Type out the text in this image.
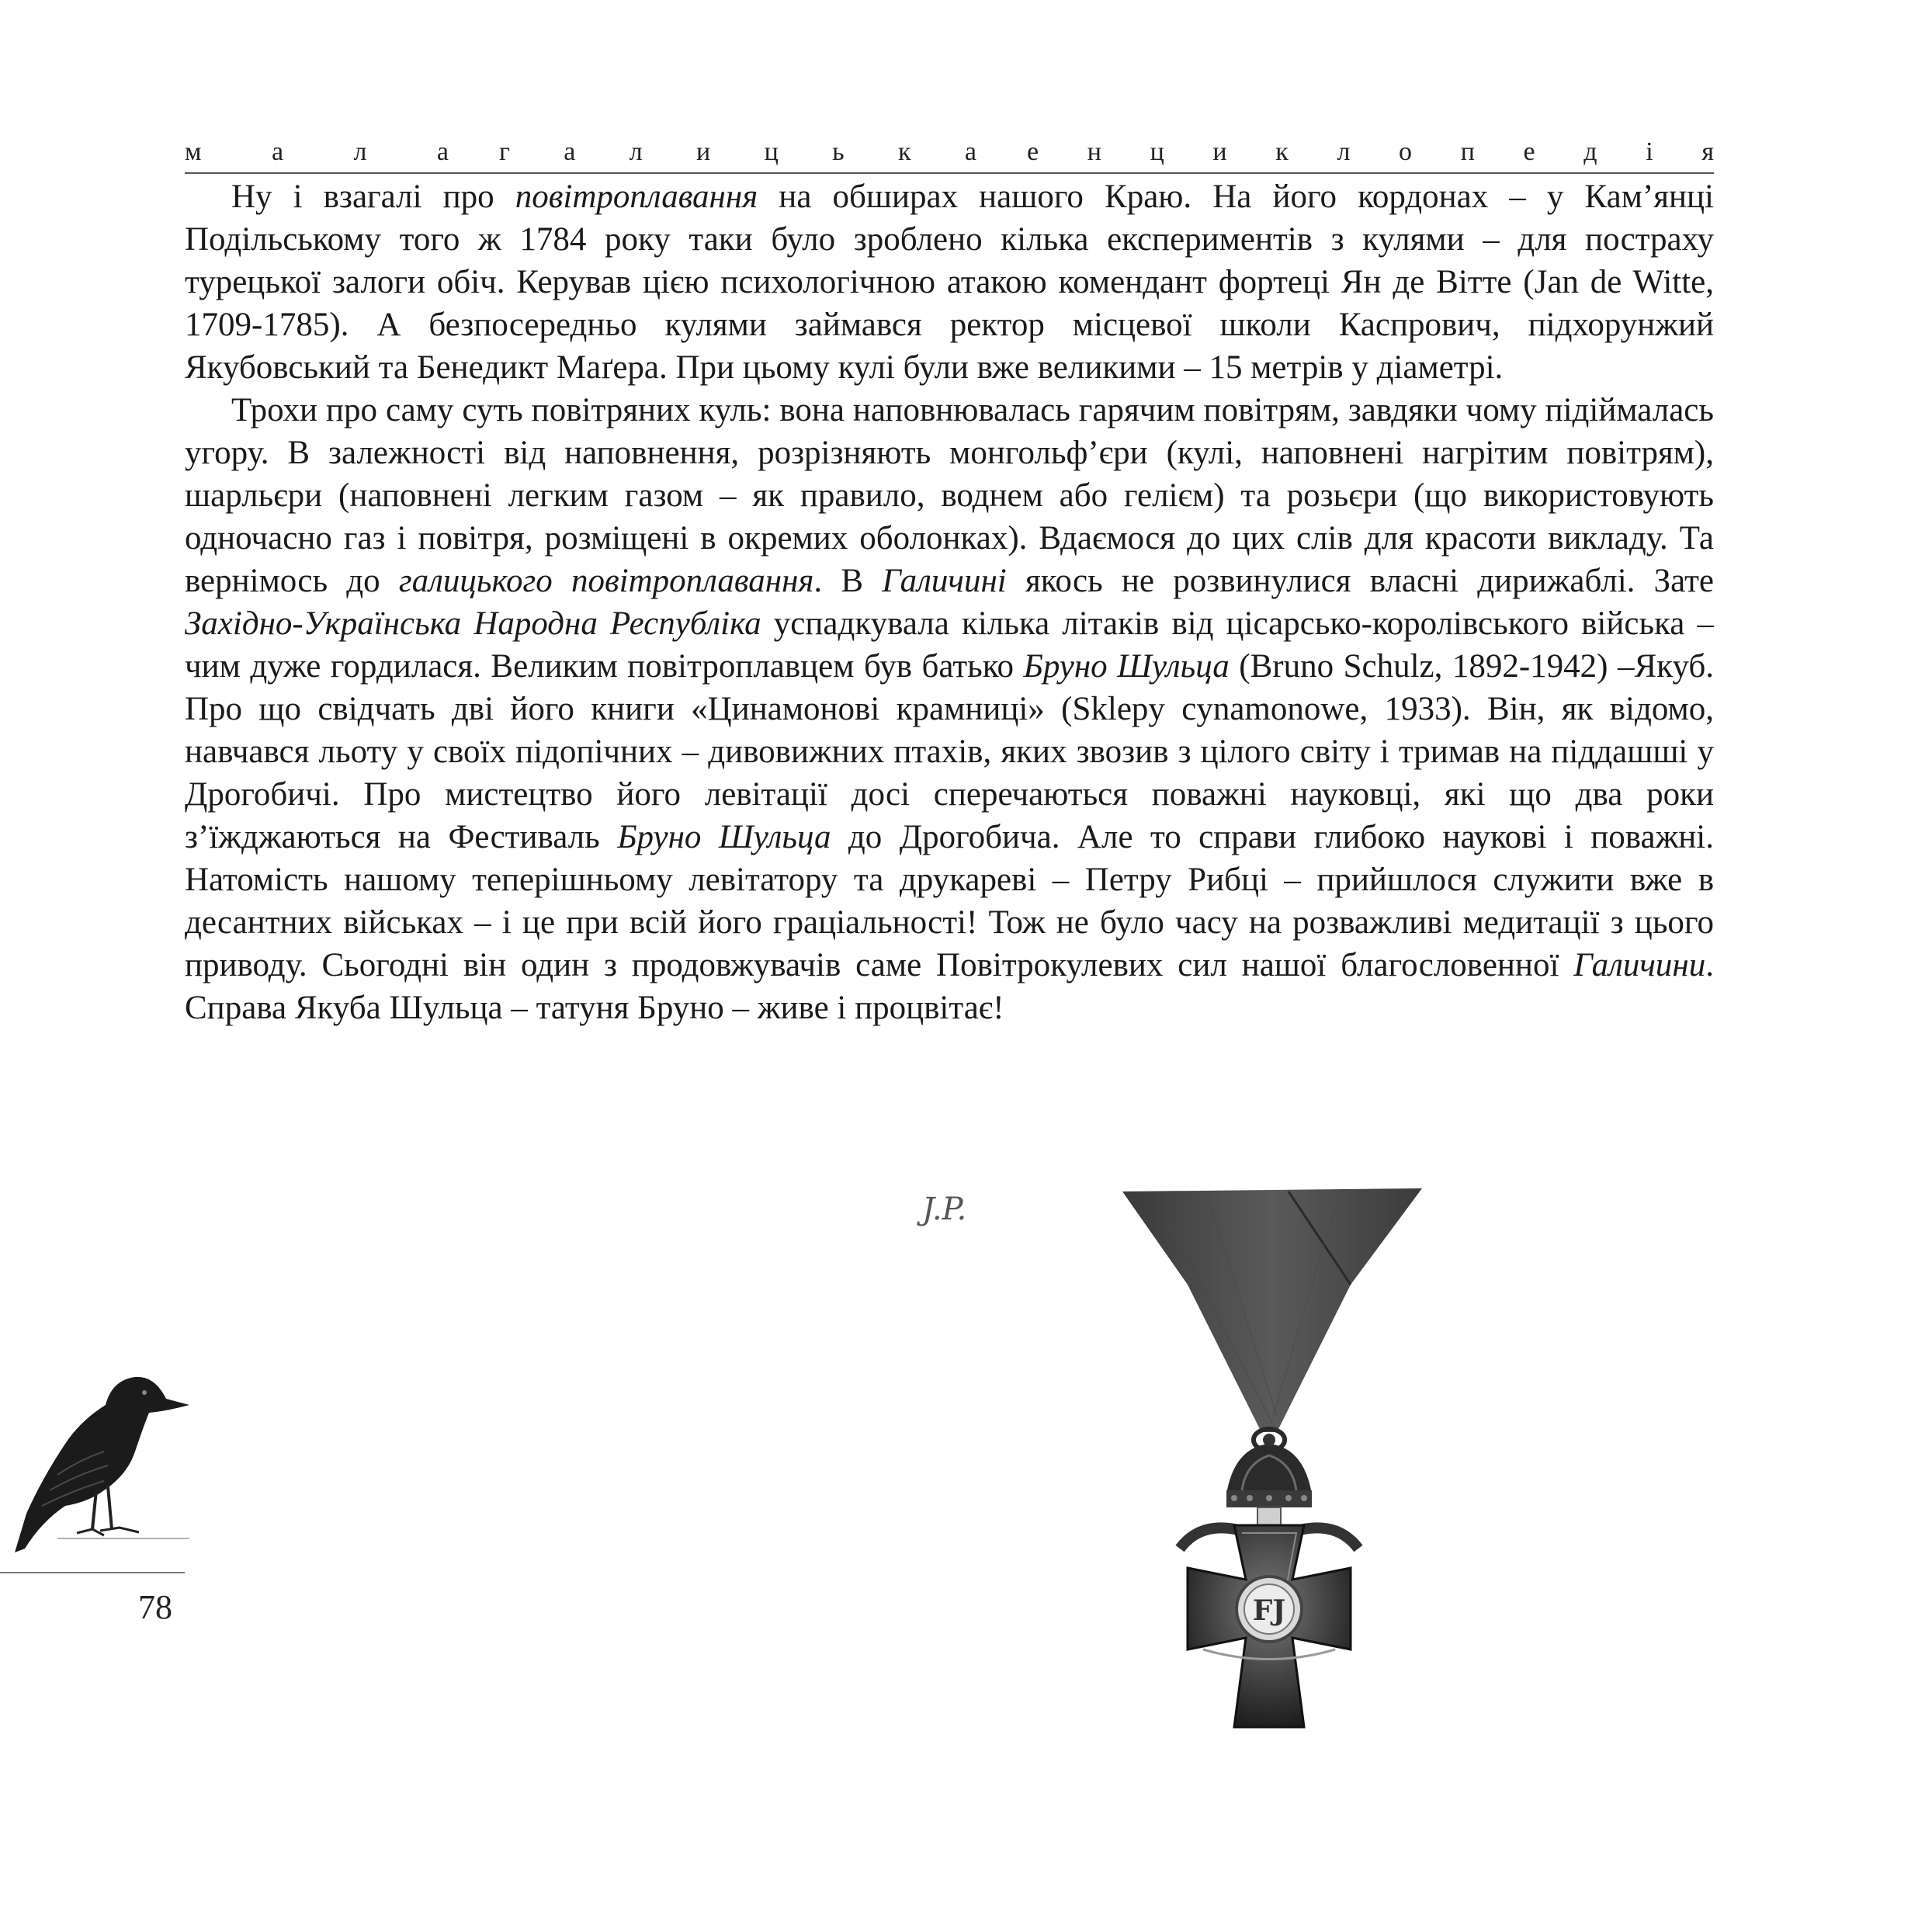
м	а	л	а г а л и ц ь к а е н ц и к л о п е д і я

Ну і взагалі про повітроплавання на обширах нашого Краю. На його кордонах – у Кам’янці Подільському того ж 1784 року таки було зроблено кілька експериментів з кулями – для постраху турецької залоги обіч. Керував цією психологічною атакою комендант фортеці Ян де Вітте (Jan de Witte, 1709-1785). А безпосередньо кулями займався ректор місцевої школи Каспрович, підхорунжий Якубовський та Бенедикт Маґера. При цьому кулі були вже великими – 15 метрів у діаметрі.

Трохи про саму суть повітряних куль: вона наповнювалась гарячим повітрям, завдяки чому підіймалась угору. В залежності від наповнення, розрізняють монгольф’єри (кулі, наповнені нагрітим повітрям), шарльєри (наповнені легким газом – як правило, воднем або гелієм) та розьєри (що використовують одночасно газ і повітря, розміщені в окремих оболонках). Вдаємося до цих слів для красоти викладу. Та вернімось до галицького повітроплавання. В Галичині якось не розвинулися власні дирижаблі. Зате Західно-Українська Народна Республіка успадкувала кілька літаків від цісарсько-королівського війська – чим дуже гордилася. Великим повітроплавцем був батько Бруно Шульца (Bruno Schulz, 1892-1942) –Якуб. Про що свідчать дві його книги «Цинамонові крамниці» (Sklepy cynamonowe, 1933). Він, як відомо, навчався льоту у своїх підопічних – дивовижних птахів, яких звозив з цілого світу і тримав на піддашші у Дрогобичі. Про мистецтво його левітації досі сперечаються поважні науковці, які що два роки з’їжджаються на Фестиваль Бруно Шульца до Дрогобича. Але то справи глибоко наукові і поважні. Натомість нашому теперішньому левітатору та друкареві – Петру Рибці – прийшлося служити вже в десантних військах – і це при всій його граціальності! Тож не було часу на розважливі медитації з цього приводу. Сьогодні він один з продовжувачів саме Повітрокулевих сил нашої благословенної Галичини. Справа Якуба Шульца – татуня Бруно – живе і процвітає!

J.P.
FJ
78
